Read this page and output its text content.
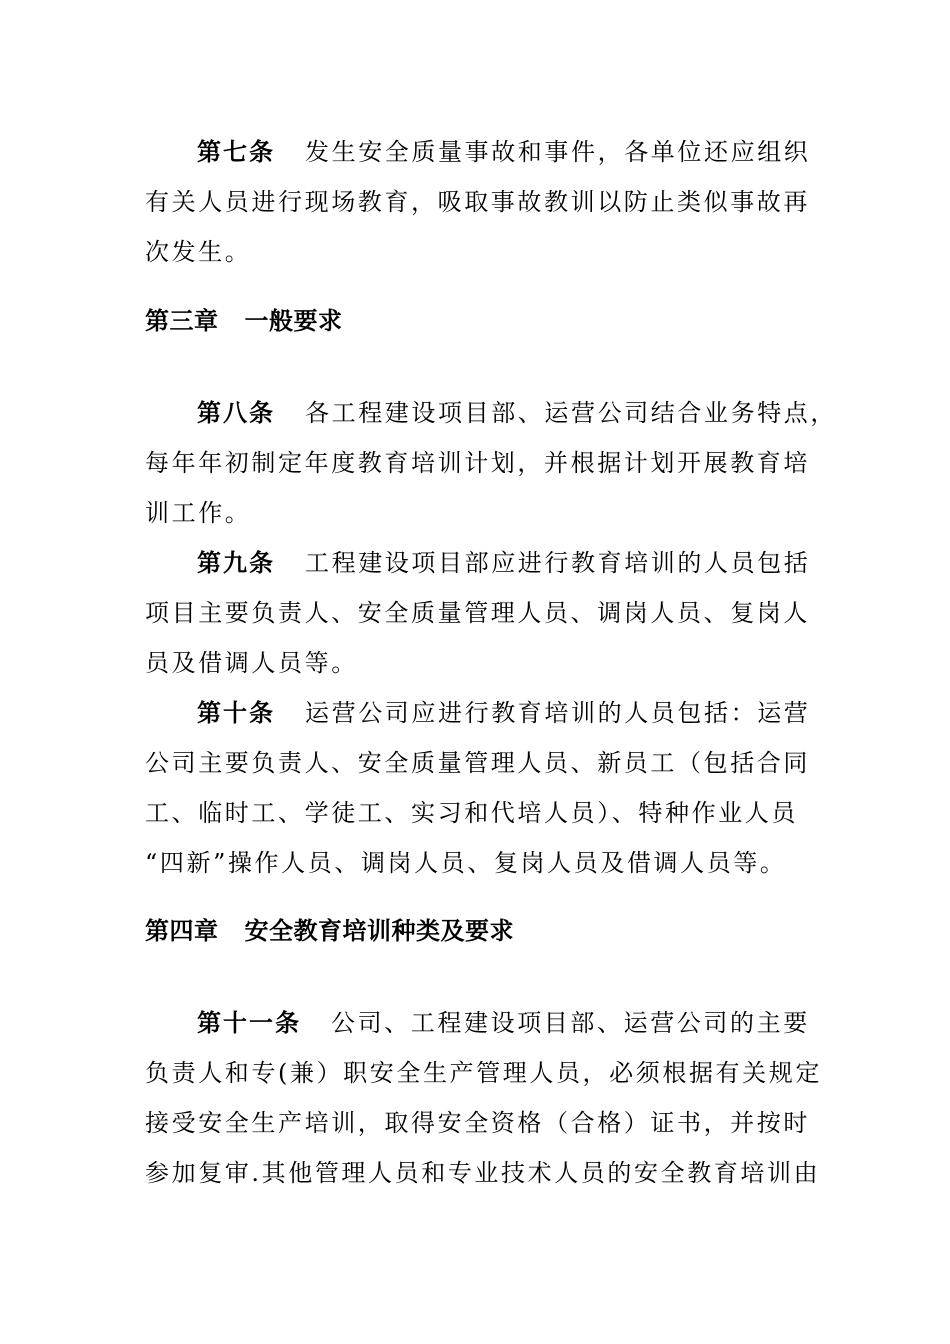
第七条 发生安全质量事故和事件，各单位还应组织
有关人员进行现场教育，吸取事故教训以防止类似事故再
次发生。
第三章 一般要求
第八条 各工程建设项目部、运营公司结合业务特点，
每年年初制定年度教育培训计划，并根据计划开展教育培
训工作。
第九条 工程建设项目部应进行教育培训的人员包括
项目主要负责人、安全质量管理人员、调岗人员、复岗人
员及借调人员等。
第十条 运营公司应进行教育培训的人员包括：运营
公司主要负责人、安全质量管理人员、新员工（包括合同
工、临时工、学徒工、实习和代培人员）、特种作业人员
“四新”操作人员、调岗人员、复岗人员及借调人员等。
第四章 安全教育培训种类及要求
第十一条 公司、工程建设项目部、运营公司的主要
负责人和专(兼）职安全生产管理人员，必须根据有关规定
接受安全生产培训，取得安全资格（合格）证书，并按时
参加复审.其他管理人员和专业技术人员的安全教育培训由
